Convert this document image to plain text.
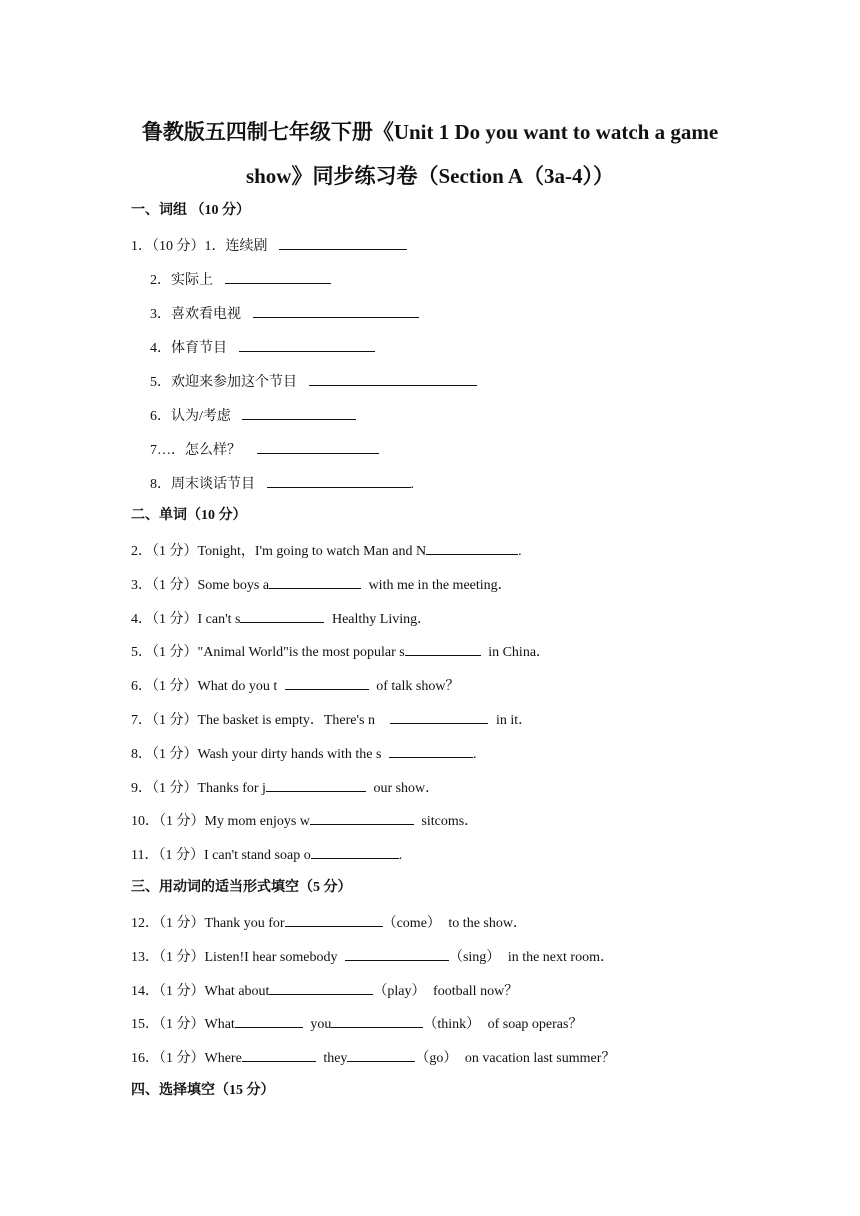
鲁教版五四制七年级下册《Unit 1 Do you want to watch a game
show》同步练习卷（Section A（3a-4））
一、词组 （10 分）
1．（10 分）1．连续剧
2．实际上
3．喜欢看电视
4．体育节目
5．欢迎来参加这个节目
6．认为/考虑
7…．怎么样？
8．周末谈话节目	.
二、单词（10 分）
2．（1 分）Tonight，I'm going to watch Man and N	.
3．（1 分）Some boys a	with me in the meeting．
4．（1 分）I can't s	Healthy Living．
5．（1 分）"Animal World"is the most popular s	in China．
6．（1 分）What do you t	of talk show？
7．（1 分）The basket is empty．There's n	in it．
8．（1 分）Wash your dirty hands with the s	.
9．（1 分）Thanks for j	our show．
10．（1 分）My mom enjoys w	sitcoms．
11．（1 分）I can't stand soap o	.
三、用动词的适当形式填空（5 分）
12．（1 分）Thank you for	（come） to the show．
13．（1 分）Listen!I hear somebody	（sing） in the next room．
14．（1 分）What about	（play） football now？
15．（1 分）What	you	（think） of soap operas？
16．（1 分）Where	they	（go） on vacation last summer？
四、选择填空（15 分）
